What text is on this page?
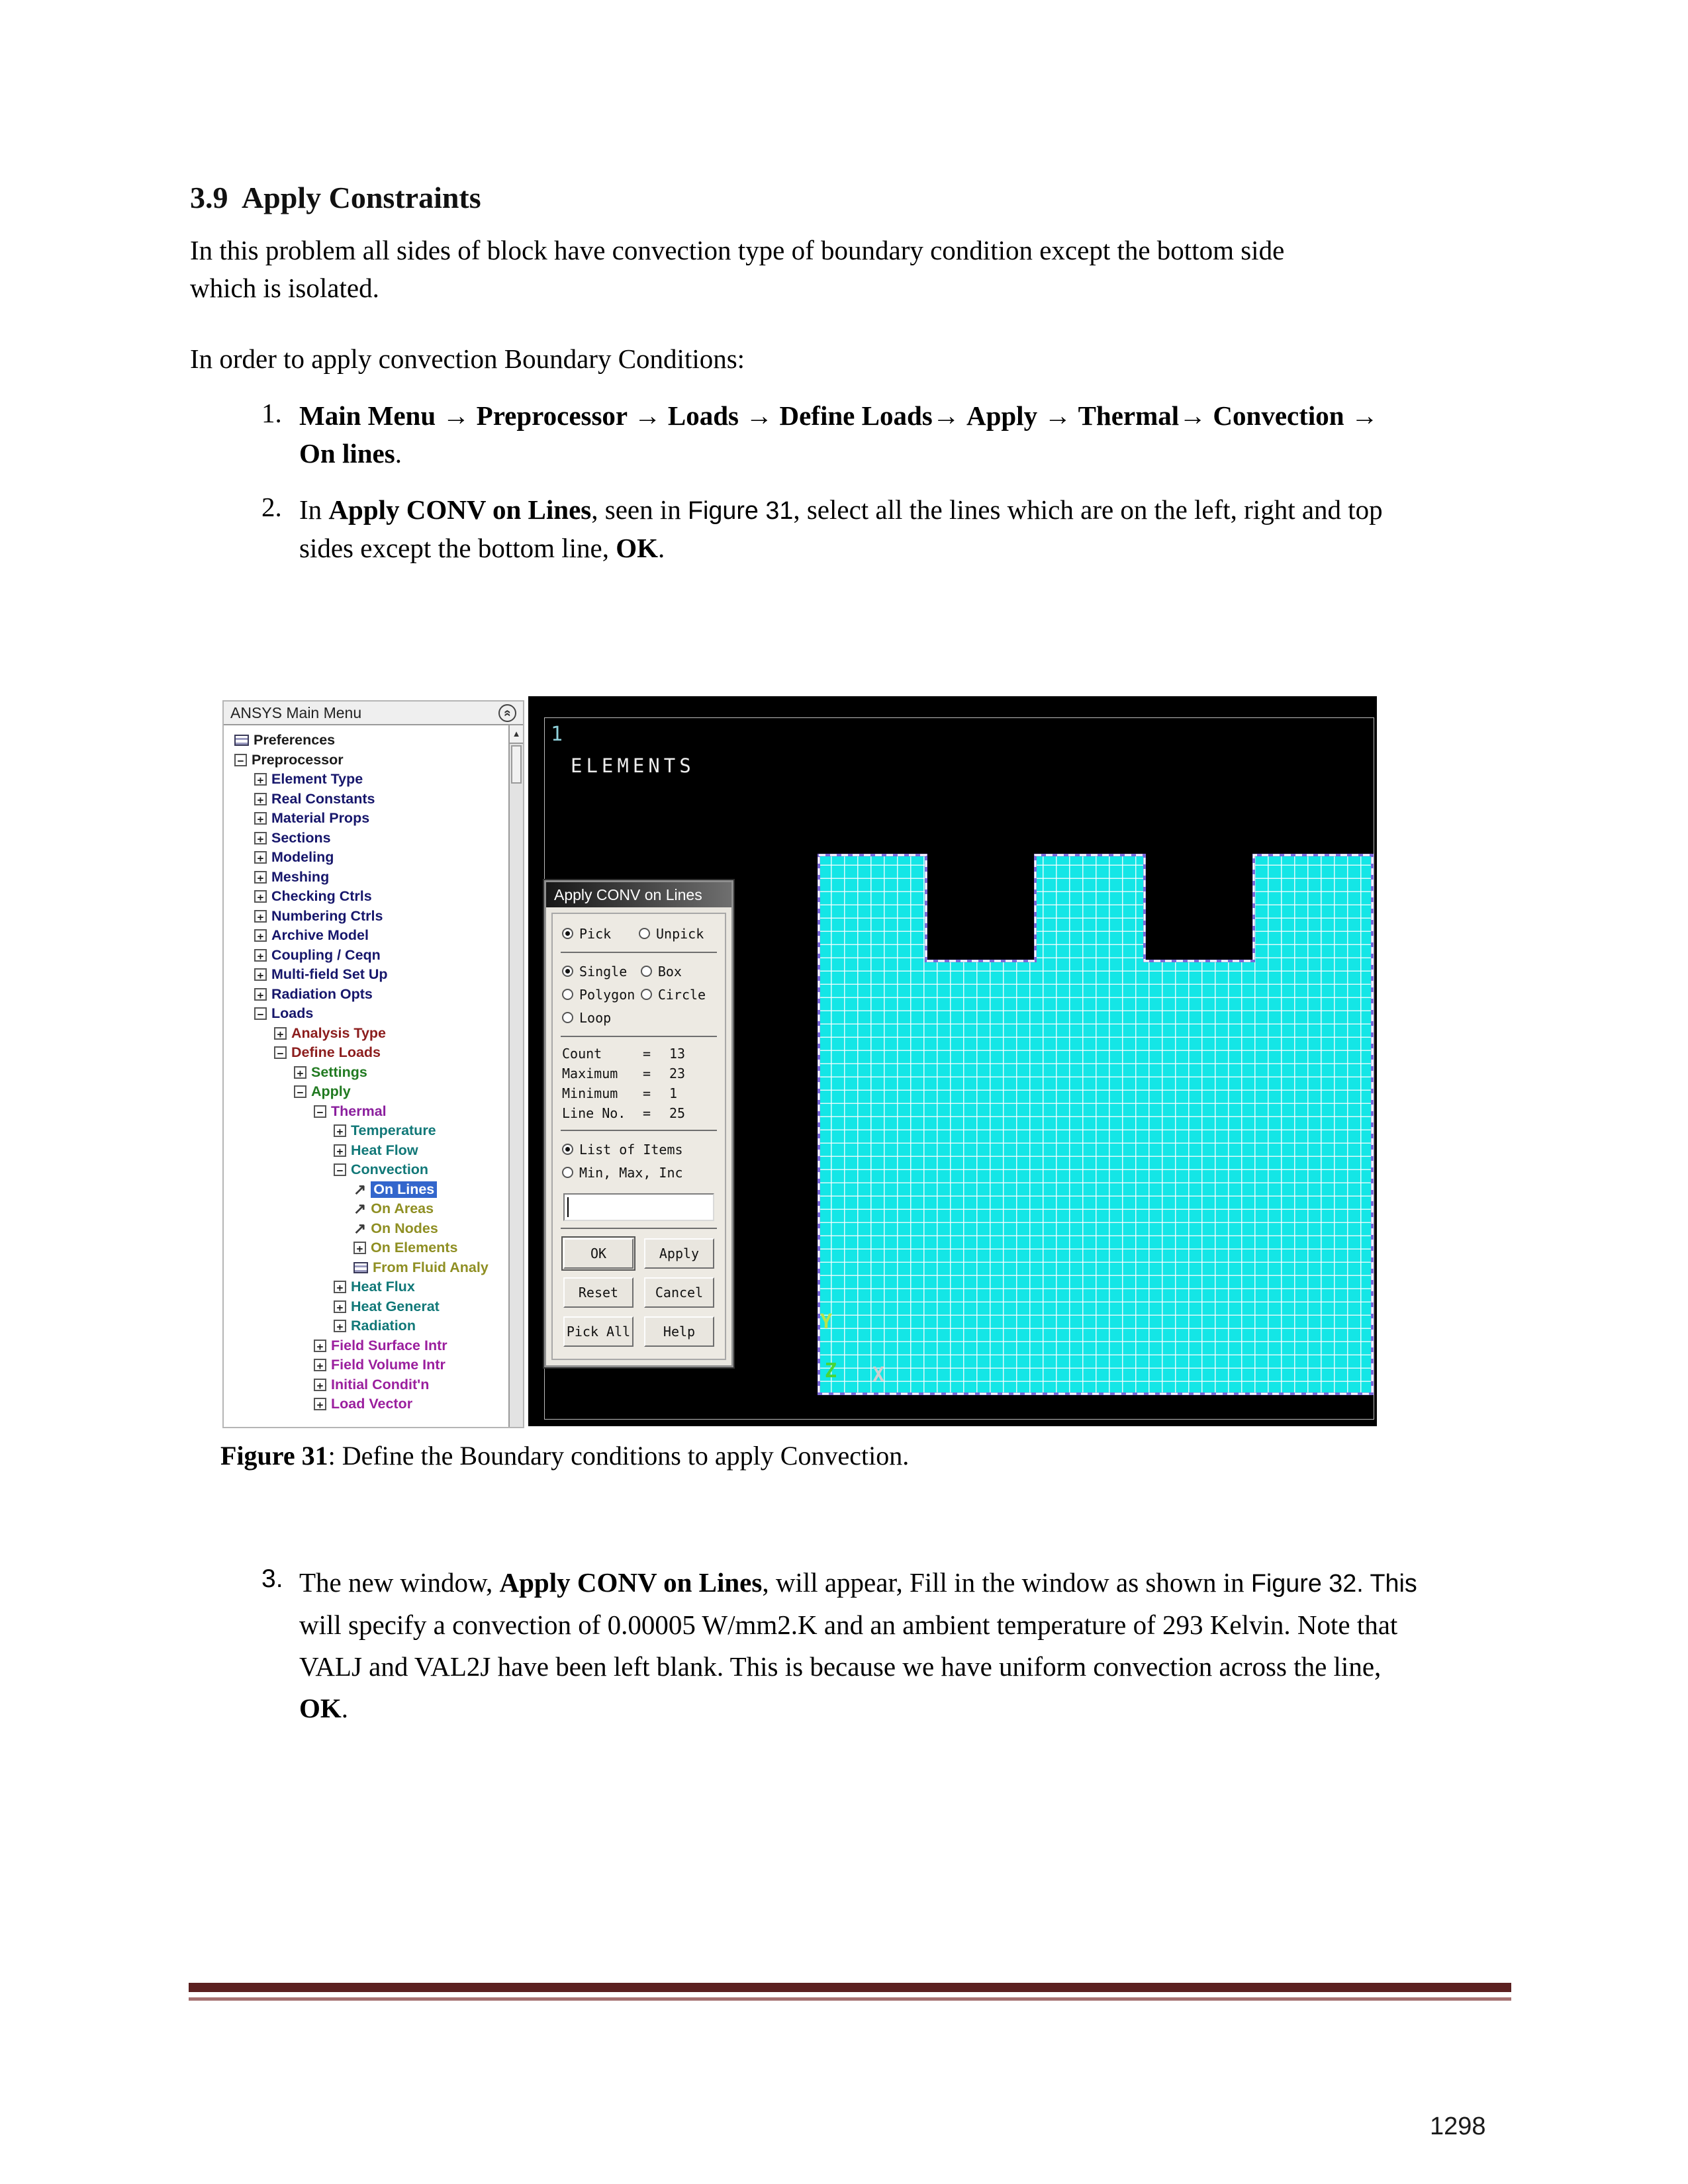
3.9  Apply Constraints
In this problem all sides of block have convection type of boundary condition except the bottom side which is isolated.
In order to apply convection Boundary Conditions:
1. Main Menu → Preprocessor → Loads → Define Loads→ Apply → Thermal→ Convection → On lines.
2. In Apply CONV on Lines, seen in Figure 31, select all the lines which are on the left, right and top sides except the bottom line, OK.
ANSYS Main Menu	«
Preferences
− Preprocessor
+ Element Type
+ Real Constants
+ Material Props
+ Sections
+ Modeling
+ Meshing
+ Checking Ctrls
+ Numbering Ctrls
+ Archive Model
+ Coupling / Ceqn
+ Multi-field Set Up
+ Radiation Opts
− Loads
+ Analysis Type
− Define Loads
+ Settings
− Apply
− Thermal
+ Temperature
+ Heat Flow
− Convection
↗ On Lines
↗ On Areas
↗ On Nodes
+ On Elements
From Fluid Analy
+ Heat Flux
+ Heat Generat
+ Radiation
+ Field Surface Intr
+ Field Volume Intr
+ Initial Condit'n
+ Load Vector
▲ 1
ELEMENTS
Y
Z X
Apply CONV on Lines
Pick	Unpick
Single Box
Polygon Circle
Loop
Count	=	13
Maximum	=	23
Minimum	=	1
Line No.	=	25
List of Items
Min, Max, Inc
OK	Apply
Reset	Cancel
Pick All	Help
Figure 31: Define the Boundary conditions to apply Convection.
3. The new window, Apply CONV on Lines, will appear, Fill in the window as shown in Figure 32. This will specify a convection of 0.00005 W/mm2.K and an ambient temperature of 293 Kelvin. Note that VALJ and VAL2J have been left blank. This is because we have uniform convection across the line, OK.
1298
